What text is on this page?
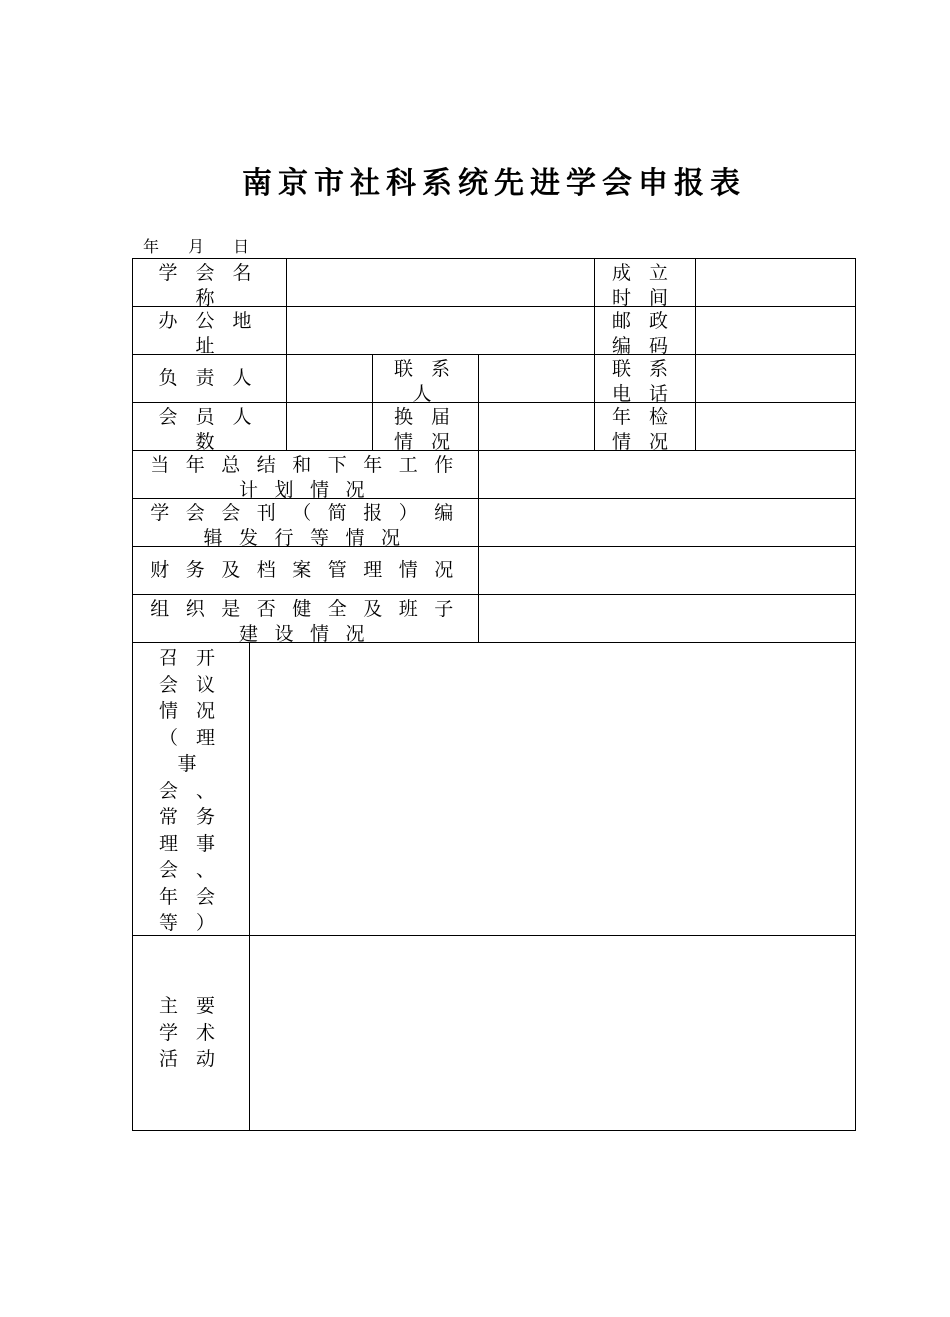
南京市社科系统先进学会申报表
年 月 日
学会名
称
成立
时间
办公地
址
邮政
编码
负责人	联系
人
联系
电话
会员人
数
换届
情况
年检
情况
当年总结和下年工作
计划情况
学会会刊（简报）编
辑发行等情况
财务及档案管理情况
组织是否健全及班子
建设情况
召开
会议
情况
（理
事
会、
常务
理事
会、
年会
等）
主要
学术
活动
